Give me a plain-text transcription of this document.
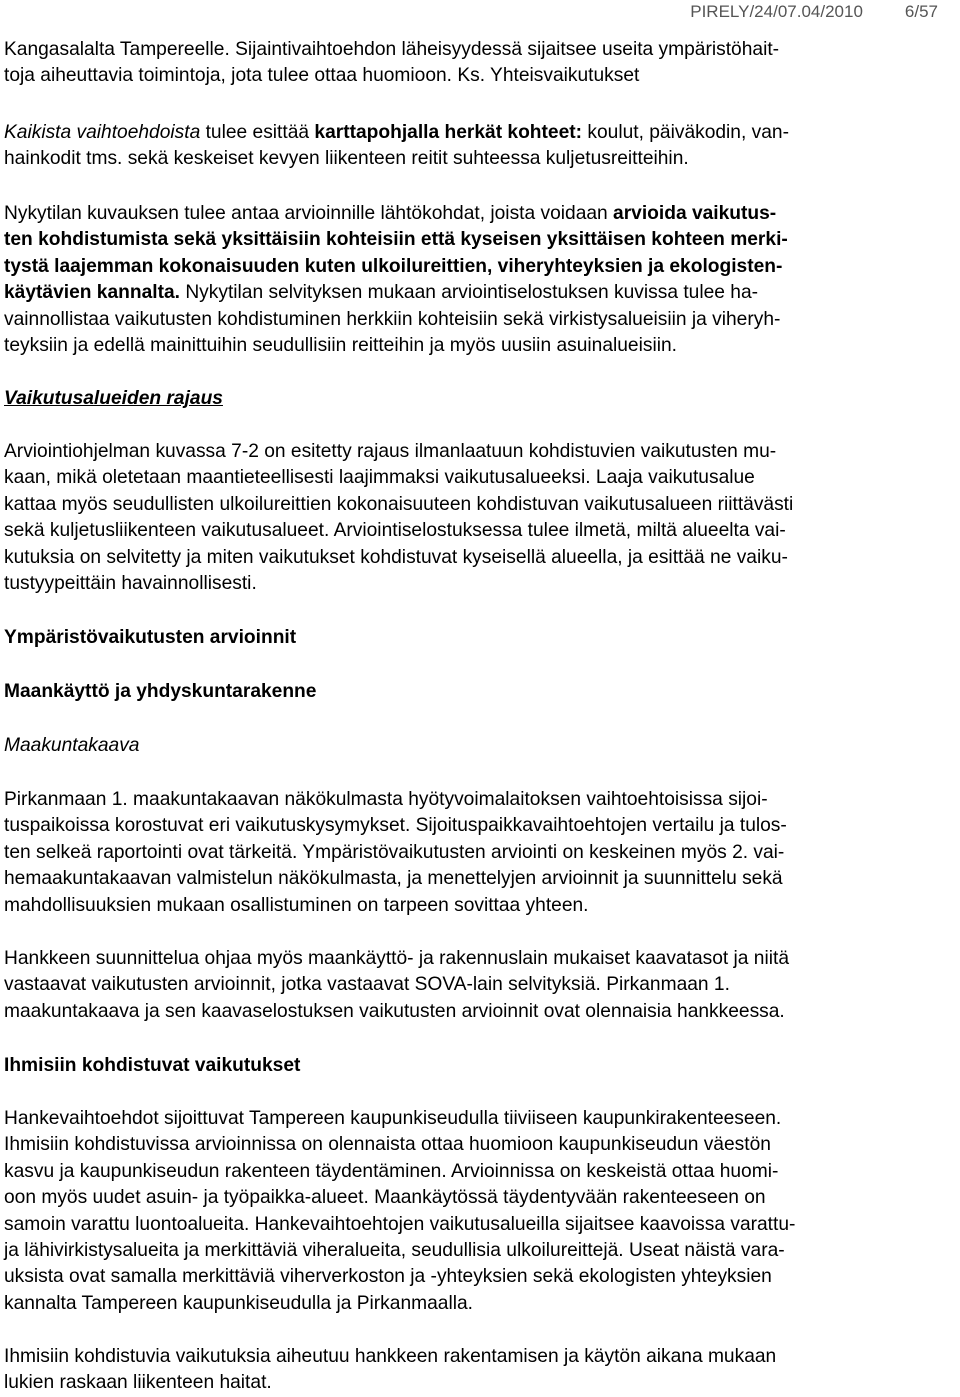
PIRELY/24/07.04/2010 6/57
Kangasalalta Tampereelle. Sijaintivaihtoehdon läheisyydessä sijaitsee useita ympäristöhait-
toja aiheuttavia toimintoja, jota tulee ottaa huomioon. Ks. Yhteisvaikutukset
Kaikista vaihtoehdoista tulee esittää karttapohjalla herkät kohteet: koulut, päiväkodin, van-
hainkodit tms. sekä keskeiset kevyen liikenteen reitit suhteessa kuljetusreitteihin.
Nykytilan kuvauksen tulee antaa arvioinnille lähtökohdat, joista voidaan arvioida vaikutus-
ten kohdistumista sekä yksittäisiin kohteisiin että kyseisen yksittäisen kohteen merki-
tystä laajemman kokonaisuuden kuten ulkoilureittien, viheryhteyksien ja ekologisten-
käytävien kannalta. Nykytilan selvityksen mukaan arviointiselostuksen kuvissa tulee ha-
vainnollistaa vaikutusten kohdistuminen herkkiin kohteisiin sekä virkistysalueisiin ja viheryh-
teyksiin ja edellä mainittuihin seudullisiin reitteihin ja myös uusiin asuinalueisiin.
Vaikutusalueiden rajaus
Arviointiohjelman kuvassa 7-2 on esitetty rajaus ilmanlaatuun kohdistuvien vaikutusten mu-
kaan, mikä oletetaan maantieteellisesti laajimmaksi vaikutusalueeksi. Laaja vaikutusalue
kattaa myös seudullisten ulkoilureittien kokonaisuuteen kohdistuvan vaikutusalueen riittävästi
sekä kuljetusliikenteen vaikutusalueet. Arviointiselostuksessa tulee ilmetä, miltä alueelta vai-
kutuksia on selvitetty ja miten vaikutukset kohdistuvat kyseisellä alueella, ja esittää ne vaiku-
tustyypeittäin havainnollisesti.
Ympäristövaikutusten arvioinnit
Maankäyttö ja yhdyskuntarakenne
Maakuntakaava
Pirkanmaan 1. maakuntakaavan näkökulmasta hyötyvoimalaitoksen vaihtoehtoisissa sijoi-
tuspaikoissa korostuvat eri vaikutuskysymykset. Sijoituspaikkavaihtoehtojen vertailu ja tulos-
ten selkeä raportointi ovat tärkeitä. Ympäristövaikutusten arviointi on keskeinen myös 2. vai-
hemaakuntakaavan valmistelun näkökulmasta, ja menettelyjen arvioinnit ja suunnittelu sekä
mahdollisuuksien mukaan osallistuminen on tarpeen sovittaa yhteen.
Hankkeen suunnittelua ohjaa myös maankäyttö- ja rakennuslain mukaiset kaavatasot ja niitä
vastaavat vaikutusten arvioinnit, jotka vastaavat SOVA-lain selvityksiä. Pirkanmaan 1.
maakuntakaava ja sen kaavaselostuksen vaikutusten arvioinnit ovat olennaisia hankkeessa.
Ihmisiin kohdistuvat vaikutukset
Hankevaihtoehdot sijoittuvat Tampereen kaupunkiseudulla tiiviiseen kaupunkirakenteeseen.
Ihmisiin kohdistuvissa arvioinnissa on olennaista ottaa huomioon kaupunkiseudun väestön
kasvu ja kaupunkiseudun rakenteen täydentäminen. Arvioinnissa on keskeistä ottaa huomi-
oon myös uudet asuin- ja työpaikka-alueet. Maankäytössä täydentyvään rakenteeseen on
samoin varattu luontoalueita. Hankevaihtoehtojen vaikutusalueilla sijaitsee kaavoissa varattu-
ja lähivirkistysalueita ja merkittäviä viheralueita, seudullisia ulkoilureittejä. Useat näistä vara-
uksista ovat samalla merkittäviä viherverkoston ja -yhteyksien sekä ekologisten yhteyksien
kannalta Tampereen kaupunkiseudulla ja Pirkanmaalla.
Ihmisiin kohdistuvia vaikutuksia aiheutuu hankkeen rakentamisen ja käytön aikana mukaan
lukien raskaan liikenteen haitat.
